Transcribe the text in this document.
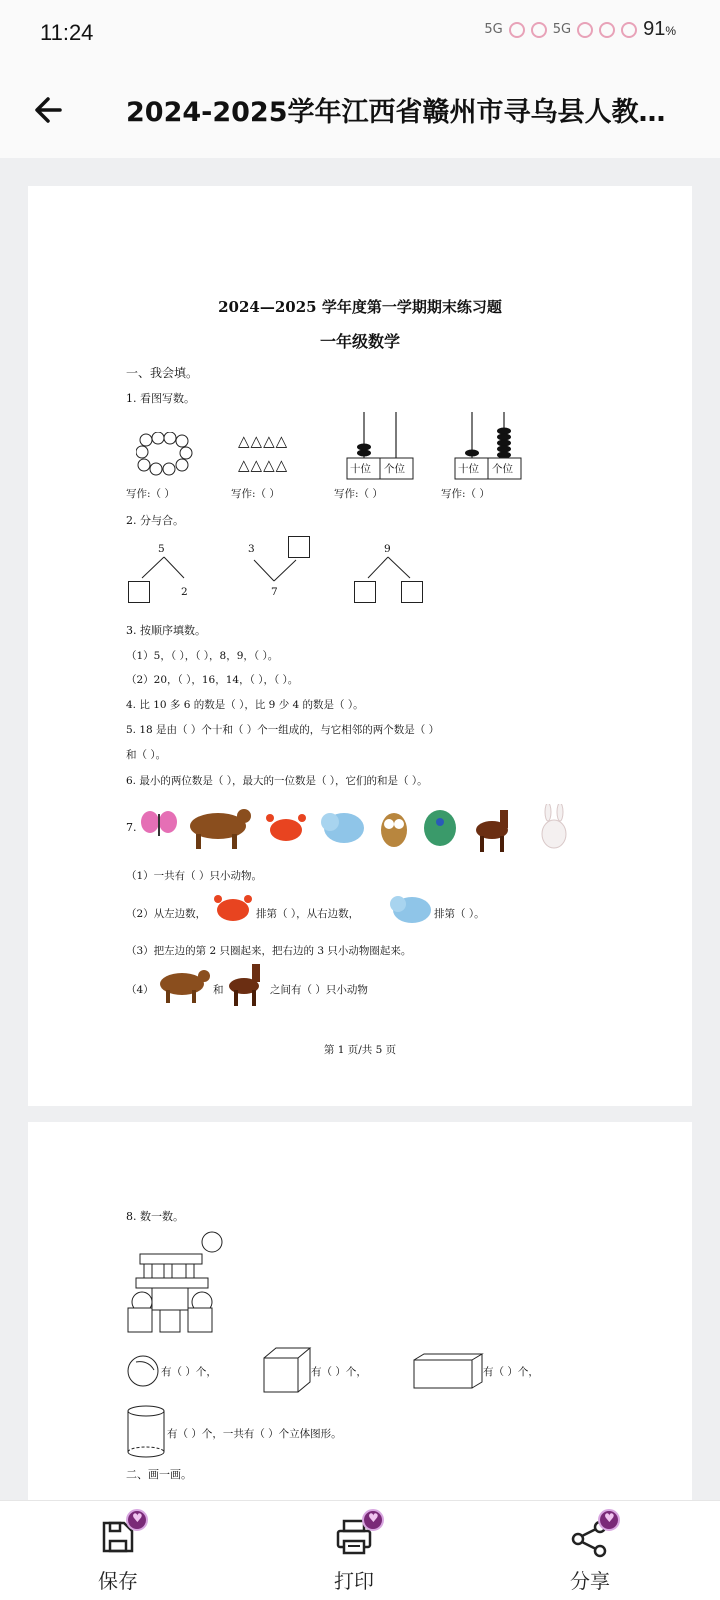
11:24	5G	5G	91%
2024-2025学年江西省赣州市寻乌县人教…
2024—2025 学年度第一学期期末练习题
一年级数学
一、我会填。
1. 看图写数。
△△△△
△△△△	十位 个位	十位 个位
写作:（ ）	写作:（ ）	写作:（ ）	写作:（ ）
2. 分与合。
5
2
3
7
9
3. 按顺序填数。
（1）5，（ ），（ ），8，9，（ ）。
（2）20，（ ），16，14，（ ），（ ）。
4. 比 10 多 6 的数是（ ），比 9 少 4 的数是（ ）。
5. 18 是由（ ）个十和（ ）个一组成的，与它相邻的两个数是（ ）
和（ ）。
6. 最小的两位数是（ ），最大的一位数是（ ），它们的和是（ ）。
7.
（1）一共有（ ）只小动物。
（2）从左边数，	排第（ ），从右边数，	排第（ ）。
（3）把左边的第 2 只圈起来，把右边的 3 只小动物圈起来。
（4）	和	之间有（ ）只小动物
第 1 页/共 5 页
8. 数一数。
有（ ）个，	有（ ）个，	有（ ）个，
有（ ）个，一共有（ ）个立体图形。
二、画一画。
♥
保存
♥	打印
♥	分享
